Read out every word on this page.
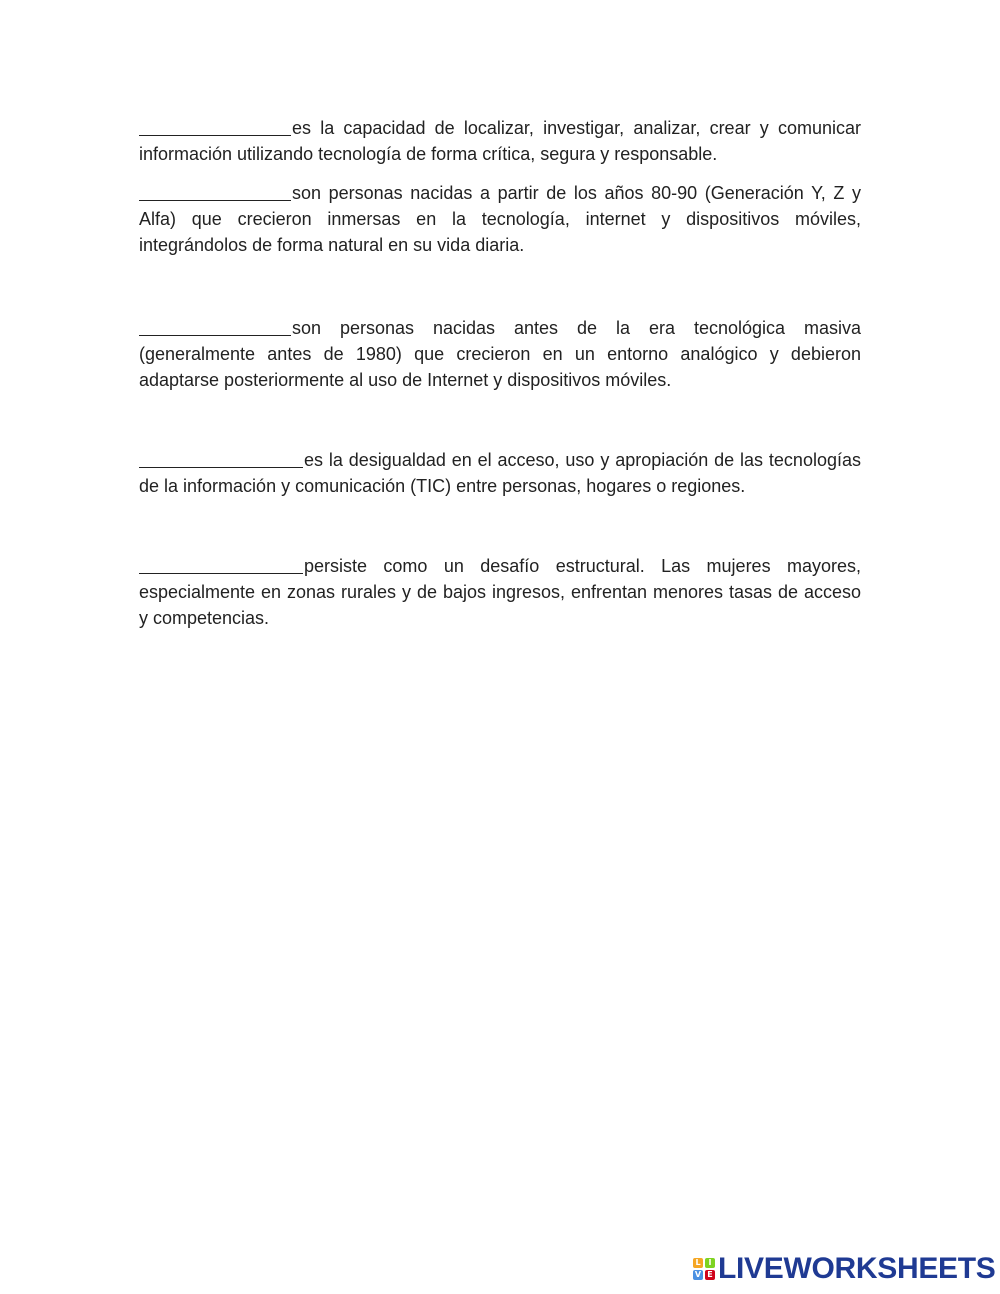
es la capacidad de localizar, investigar, analizar, crear y comunicar información utilizando tecnología de forma crítica, segura y responsable.

son personas nacidas a partir de los años 80-90 (Generación Y, Z y Alfa) que crecieron inmersas en la tecnología, internet y dispositivos móviles, integrándolos de forma natural en su vida diaria.

son personas nacidas antes de la era tecnológica masiva (generalmente antes de 1980) que crecieron en un entorno analógico y debieron adaptarse posteriormente al uso de Internet y dispositivos móviles.

es la desigualdad en el acceso, uso y apropiación de las tecnologías de la información y comunicación (TIC) entre personas, hogares o regiones.

persiste como un desafío estructural. Las mujeres mayores, especialmente en zonas rurales y de bajos ingresos, enfrentan menores tasas de acceso y competencias.

L I
V E LIVEWORKSHEETS
